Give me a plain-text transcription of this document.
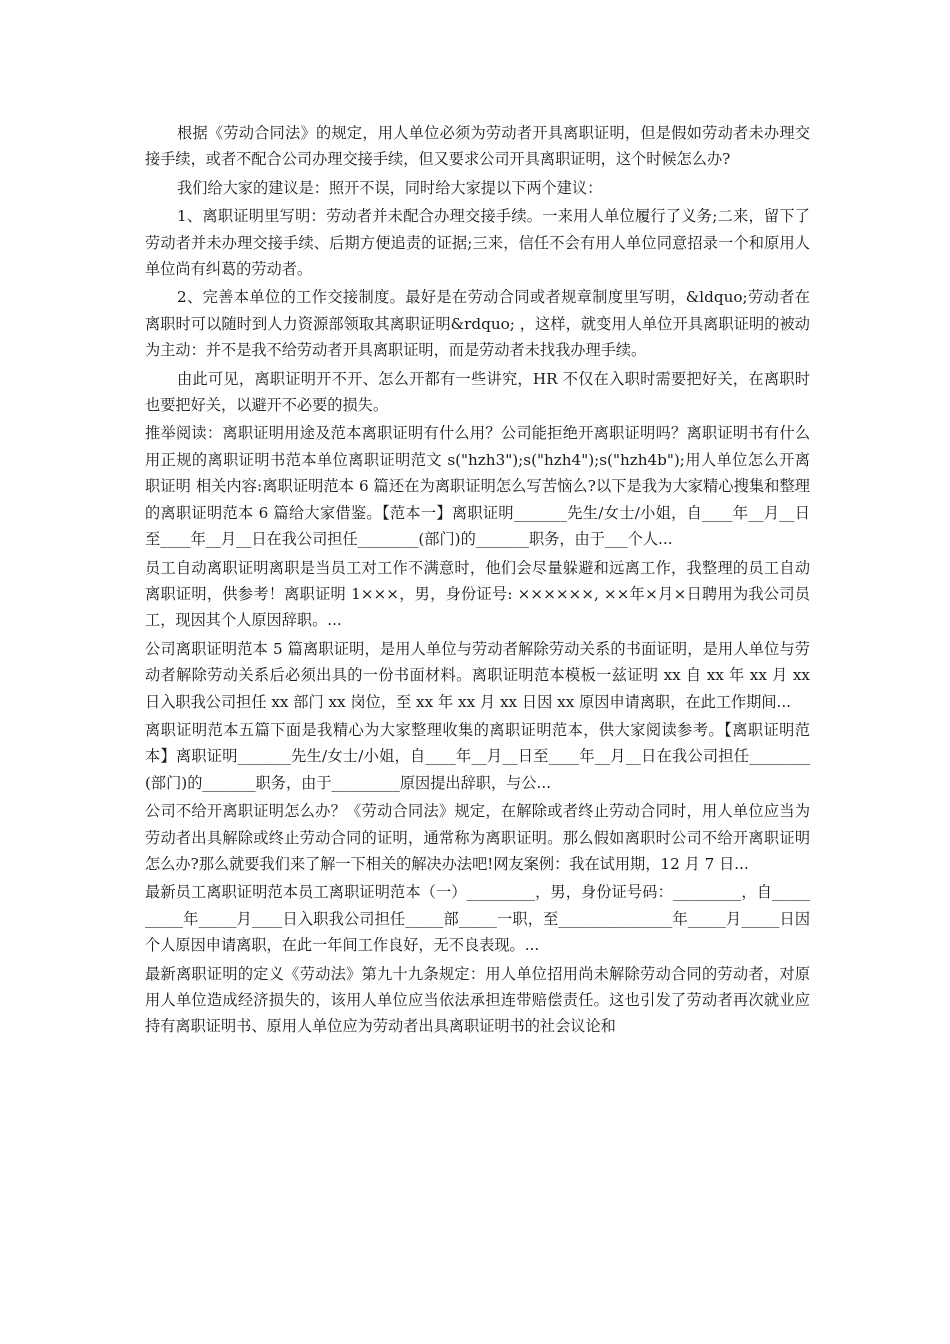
根据《劳动合同法》的规定，用人单位必须为劳动者开具离职证明，但是假如劳动者未办理交接手续，或者不配合公司办理交接手续，但又要求公司开具离职证明，这个时候怎么办?

我们给大家的建议是：照开不误，同时给大家提以下两个建议：

1、离职证明里写明：劳动者并未配合办理交接手续。一来用人单位履行了义务;二来，留下了劳动者并未办理交接手续、后期方便追责的证据;三来，信任不会有用人单位同意招录一个和原用人单位尚有纠葛的劳动者。

2、完善本单位的工作交接制度。最好是在劳动合同或者规章制度里写明，&ldquo;劳动者在离职时可以随时到人力资源部领取其离职证明&rdquo; ，这样，就变用人单位开具离职证明的被动为主动：并不是我不给劳动者开具离职证明，而是劳动者未找我办理手续。

由此可见，离职证明开不开、怎么开都有一些讲究，HR 不仅在入职时需要把好关，在离职时也要把好关，以避开不必要的损失。

推举阅读：离职证明用途及范本离职证明有什么用？公司能拒绝开离职证明吗？离职证明书有什么用正规的离职证明书范本单位离职证明范文 s("hzh3");s("hzh4");s("hzh4b");用人单位怎么开离职证明 相关内容:离职证明范本 6 篇还在为离职证明怎么写苦恼么?以下是我为大家精心搜集和整理的离职证明范本 6 篇给大家借鉴。【范本一】离职证明_______先生/女士/小姐，自____年__月__日至____年__月__日在我公司担任________(部门)的_______职务，由于___个人...

员工自动离职证明离职是当员工对工作不满意时，他们会尽量躲避和远离工作，我整理的员工自动离职证明，供参考！离职证明 1×××，男，身份证号: ××××××, ××年×月×日聘用为我公司员工，现因其个人原因辞职。...

公司离职证明范本 5 篇离职证明，是用人单位与劳动者解除劳动关系的书面证明，是用人单位与劳动者解除劳动关系后必须出具的一份书面材料。离职证明范本模板一兹证明 xx 自 xx 年 xx 月 xx 日入职我公司担任 xx 部门 xx 岗位，至 xx 年 xx 月 xx 日因 xx 原因申请离职，在此工作期间...

离职证明范本五篇下面是我精心为大家整理收集的离职证明范本，供大家阅读参考。【离职证明范本】离职证明_______先生/女士/小姐，自____年__月__日至____年__月__日在我公司担任________(部门)的_______职务，由于_________原因提出辞职，与公...

公司不给开离职证明怎么办？《劳动合同法》规定，在解除或者终止劳动合同时，用人单位应当为劳动者出具解除或终止劳动合同的证明，通常称为离职证明。那么假如离职时公司不给开离职证明怎么办?那么就要我们来了解一下相关的解决办法吧!网友案例：我在试用期，12 月 7 日...

最新员工离职证明范本员工离职证明范本（一）_________，男，身份证号码：_________，自__________年_____月____日入职我公司担任_____部_____一职，至_______________年_____月_____日因个人原因申请离职，在此一年间工作良好，无不良表现。...

最新离职证明的定义《劳动法》第九十九条规定：用人单位招用尚未解除劳动合同的劳动者，对原用人单位造成经济损失的，该用人单位应当依法承担连带赔偿责任。这也引发了劳动者再次就业应持有离职证明书、原用人单位应为劳动者出具离职证明书的社会议论和
